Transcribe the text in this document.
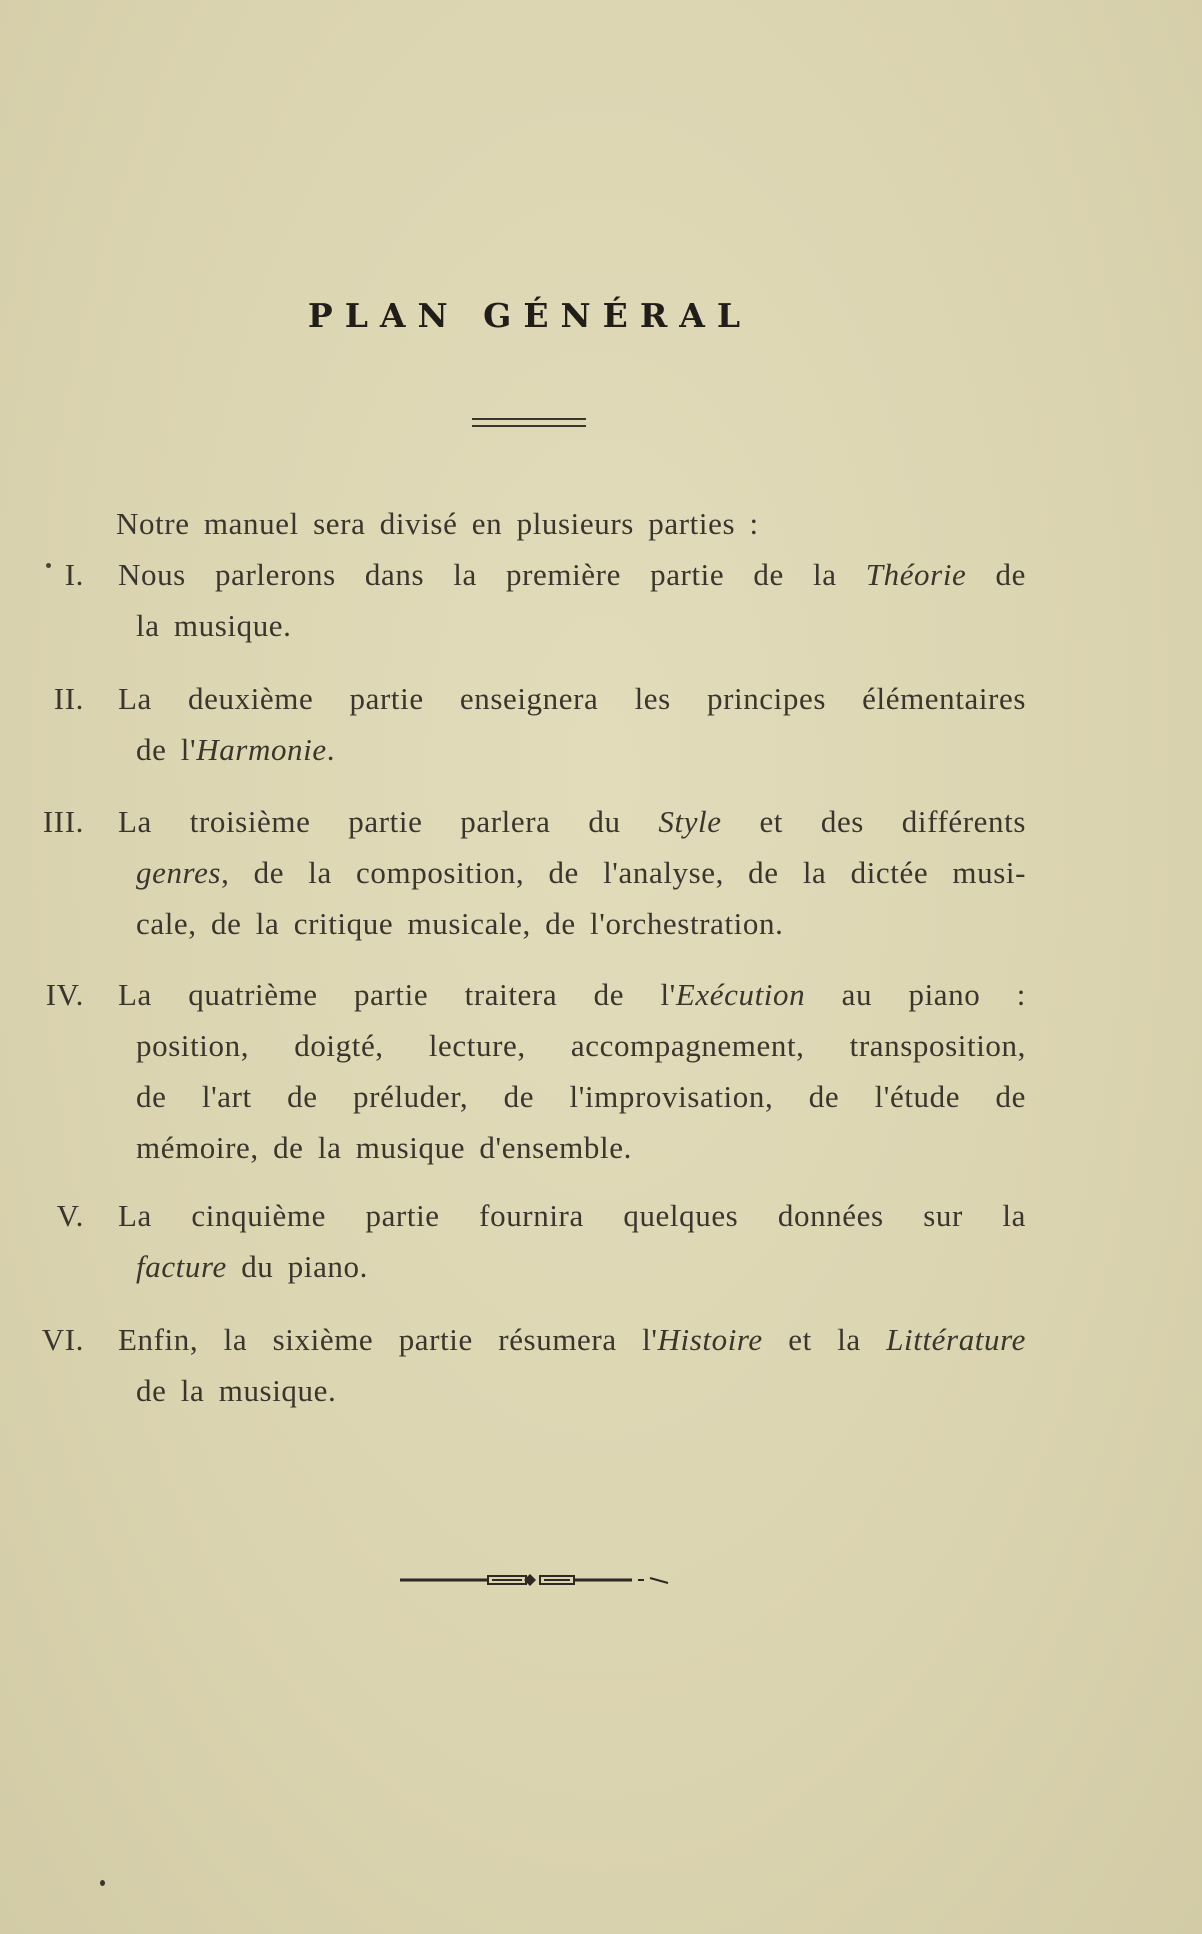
PLAN GÉNÉRAL
Notre manuel sera divisé en plusieurs parties :
I. Nous parlerons dans la première partie de la Théorie de
la musique.
II. La deuxième partie enseignera les principes élémentaires
de l'Harmonie.
III. La troisième partie parlera du Style et des différents
genres, de la composition, de l'analyse, de la dictée musi-
cale, de la critique musicale, de l'orchestration.
IV. La quatrième partie traitera de l'Exécution au piano :
position, doigté, lecture, accompagnement, transposition,
de l'art de préluder, de l'improvisation, de l'étude de
mémoire, de la musique d'ensemble.
V. La cinquième partie fournira quelques données sur la
facture du piano.
VI. Enfin, la sixième partie résumera l'Histoire et la Littérature
de la musique.
